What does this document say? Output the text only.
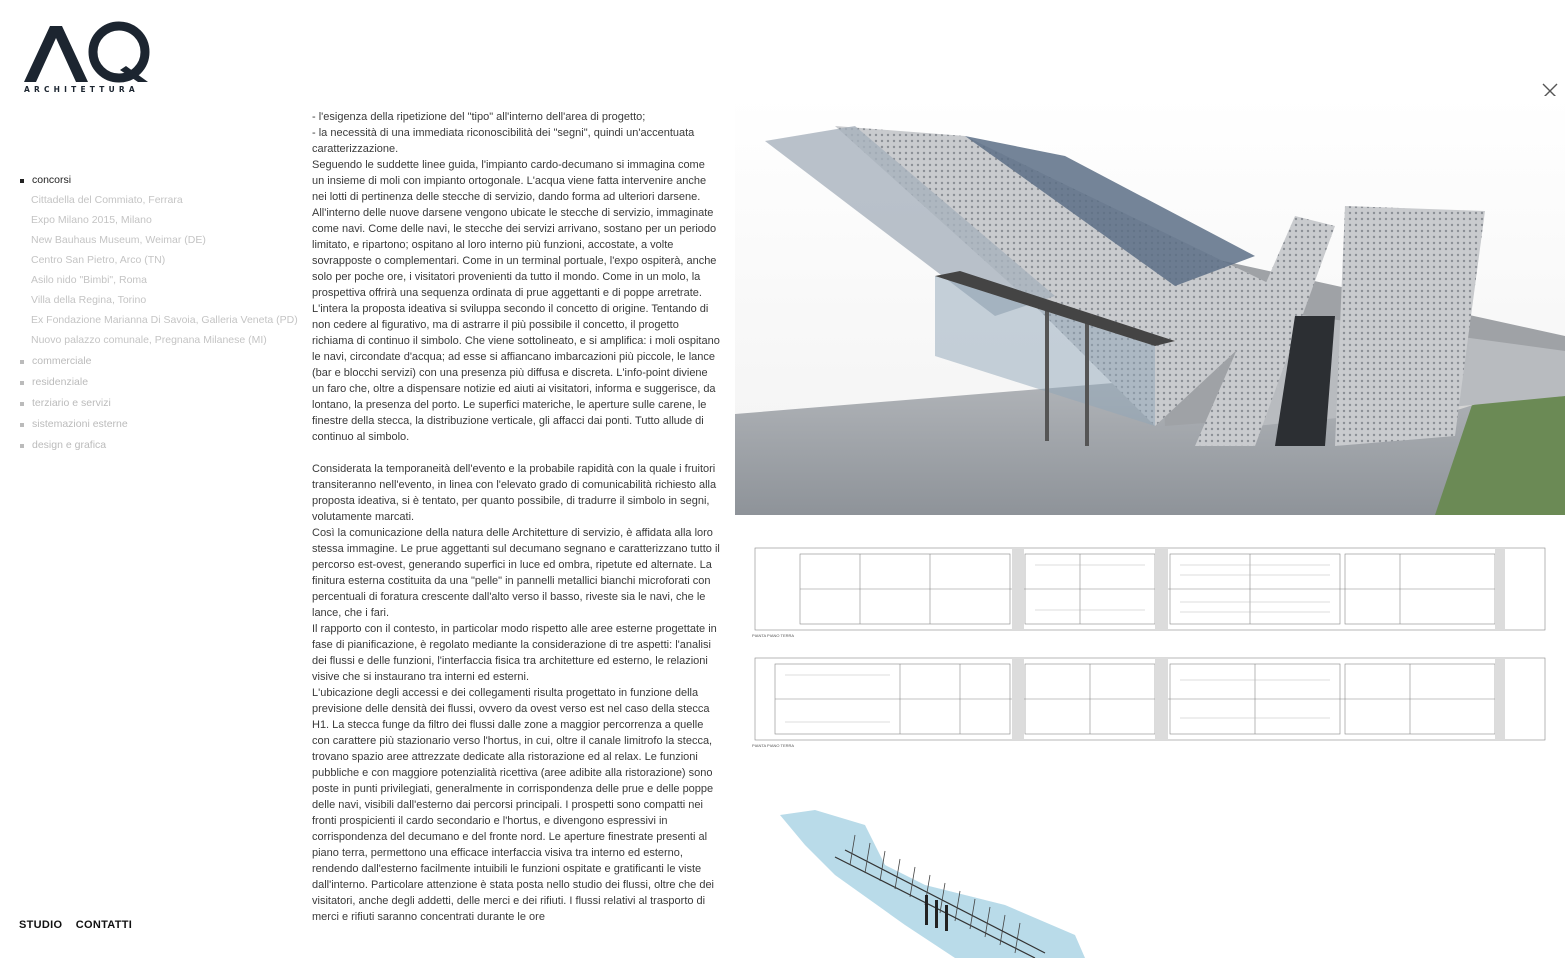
ARCHITETTURA
concorsi
Cittadella del Commiato, Ferrara
Expo Milano 2015, Milano
New Bauhaus Museum, Weimar (DE)
Centro San Pietro, Arco (TN)
Asilo nido "Bimbi", Roma
Villa della Regina, Torino
Ex Fondazione Marianna Di Savoia, Galleria Veneta (PD)
Nuovo palazzo comunale, Pregnana Milanese (MI)
commerciale
residenziale
terziario e servizi
sistemazioni esterne
design e grafica
STUDIO CONTATTI

- l'esigenza della ripetizione del "tipo" all'interno dell'area di progetto;

- la necessità di una immediata riconoscibilità dei "segni", quindi un'accentuata caratterizzazione.

Seguendo le suddette linee guida, l'impianto cardo-decumano si immagina come un insieme di moli con impianto ortogonale. L'acqua viene fatta intervenire anche nei lotti di pertinenza delle stecche di servizio, dando forma ad ulteriori darsene. All'interno delle nuove darsene vengono ubicate le stecche di servizio, immaginate come navi. Come delle navi, le stecche dei servizi arrivano, sostano per un periodo limitato, e ripartono; ospitano al loro interno più funzioni, accostate, a volte sovrapposte o complementari. Come in un terminal portuale, l'expo ospiterà, anche solo per poche ore, i visitatori provenienti da tutto il mondo. Come in un molo, la prospettiva offrirà una sequenza ordinata di prue aggettanti e di poppe arretrate.

L'intera la proposta ideativa si sviluppa secondo il concetto di origine. Tentando di non cedere al figurativo, ma di astrarre il più possibile il concetto, il progetto richiama di continuo il simbolo. Che viene sottolineato, e si amplifica: i moli ospitano le navi, circondate d'acqua; ad esse si affiancano imbarcazioni più piccole, le lance (bar e blocchi servizi) con una presenza più diffusa e discreta. L'info-point diviene un faro che, oltre a dispensare notizie ed aiuti ai visitatori, informa e suggerisce, da lontano, la presenza del porto. Le superfici materiche, le aperture sulle carene, le finestre della stecca, la distribuzione verticale, gli affacci dai ponti. Tutto allude di continuo al simbolo.

Considerata la temporaneità dell'evento e la probabile rapidità con la quale i fruitori transiteranno nell'evento, in linea con l'elevato grado di comunicabilità richiesto alla proposta ideativa, si è tentato, per quanto possibile, di tradurre il simbolo in segni, volutamente marcati.

Così la comunicazione della natura delle Architetture di servizio, è affidata alla loro stessa immagine. Le prue aggettanti sul decumano segnano e caratterizzano tutto il percorso est-ovest, generando superfici in luce ed ombra, ripetute ed alternate. La finitura esterna costituita da una "pelle" in pannelli metallici bianchi microforati con percentuali di foratura crescente dall'alto verso il basso, riveste sia le navi, che le lance, che i fari.

Il rapporto con il contesto, in particolar modo rispetto alle aree esterne progettate in fase di pianificazione, è regolato mediante la considerazione di tre aspetti: l'analisi dei flussi e delle funzioni, l'interfaccia fisica tra architetture ed esterno, le relazioni visive che si instaurano tra interni ed esterni.

L'ubicazione degli accessi e dei collegamenti risulta progettato in funzione della previsione delle densità dei flussi, ovvero da ovest verso est nel caso della stecca H1. La stecca funge da filtro dei flussi dalle zone a maggior percorrenza a quelle con carattere più stazionario verso l'hortus, in cui, oltre il canale limitrofo la stecca, trovano spazio aree attrezzate dedicate alla ristorazione ed al relax. Le funzioni pubbliche e con maggiore potenzialità ricettiva (aree adibite alla ristorazione) sono poste in punti privilegiati, generalmente in corrispondenza delle prue e delle poppe delle navi, visibili dall'esterno dai percorsi principali. I prospetti sono compatti nei fronti prospicienti il cardo secondario e l'hortus, e divengono espressivi in corrispondenza del decumano e del fronte nord. Le aperture finestrate presenti al piano terra, permettono una efficace interfaccia visiva tra interno ed esterno, rendendo dall'esterno facilmente intuibili le funzioni ospitate e gratificanti le viste dall'interno. Particolare attenzione è stata posta nello studio dei flussi, oltre che dei visitatori, anche degli addetti, delle merci e dei rifiuti. I flussi relativi al trasporto di merci e rifiuti saranno concentrati durante le ore

PIANTA PIANO TERRA
PIANTA PIANO TERRA
